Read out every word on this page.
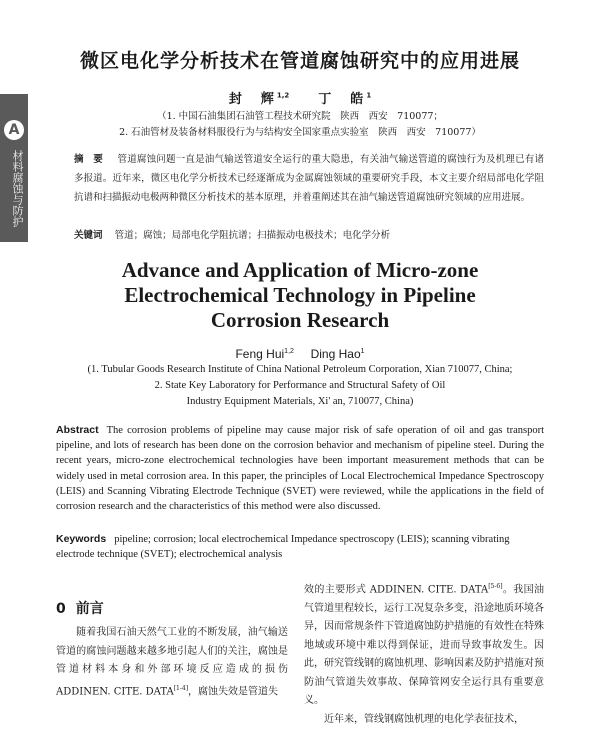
A
材料腐蚀与防护
微区电化学分析技术在管道腐蚀研究中的应用进展
封　辉$^{1,2}$ 丁　皓$^1$
（1. 中国石油集团石油管工程技术研究院　陕西　西安　710077；
2. 石油管材及装备材料服役行为与结构安全国家重点实验室　陕西　西安　710077）
摘　要 管道腐蚀问题一直是油气输送管道安全运行的重大隐患，有关油气输送管道的腐蚀行为及机理已有诸多报道。近年来，微区电化学分析技术已经逐渐成为金属腐蚀领域的重要研究手段，本文主要介绍局部电化学阻抗谱和扫描振动电极两种微区分析技术的基本原理，并着重阐述其在油气输送管道腐蚀研究领域的应用进展。
关键词 管道；腐蚀；局部电化学阻抗谱；扫描振动电极技术；电化学分析
Advance and Application of Micro-zone
Electrochemical Technology in Pipeline
Corrosion Research
Feng Hui$^{1,2}$ Ding Hao$^1$
(1. Tubular Goods Research Institute of China National Petroleum Corporation, Xian 710077, China;
2. State Key Laboratory for Performance and Structural Safety of Oil
Industry Equipment Materials, Xi' an, 710077, China)
Abstract The corrosion problems of pipeline may cause major risk of safe operation of oil and gas transport pipeline, and lots of research has been done on the corrosion behavior and mechanism of pipeline steel. During the recent years, micro-zone electrochemical technologies have been important measurement methods that can be widely used in metal corrosion area. In this paper, the principles of Local Electrochemical Impedance Spectroscopy (LEIS) and Scanning Vibrating Electrode Technique (SVET) were reviewed, while the applications in the field of corrosion research and the characteristics of this method were also discussed.
Keywords pipeline; corrosion; local electrochemical Impedance spectroscopy (LEIS); scanning vibrating electrode technique (SVET); electrochemical analysis
0 前言
随着我国石油天然气工业的不断发展，油气输送管道的腐蚀问题越来越多地引起人们的关注，腐蚀是管道材料本身和外部环境反应造成的损伤ADDINEN. CITE. DATA[1-4]，腐蚀失效是管道失
效的主要形式 ADDINEN. CITE. DATA[5-6]。我国油气管道里程较长，运行工况复杂多变，沿途地质环境各异，因而常规条件下管道腐蚀防护措施的有效性在特殊地域或环境中难以得到保证，进而导致事故发生。因此，研究管线钢的腐蚀机理、影响因素及防护措施对预防油气管道失效事故、保障管网安全运行具有重要意义。
近年来，管线钢腐蚀机理的电化学表征技术，
